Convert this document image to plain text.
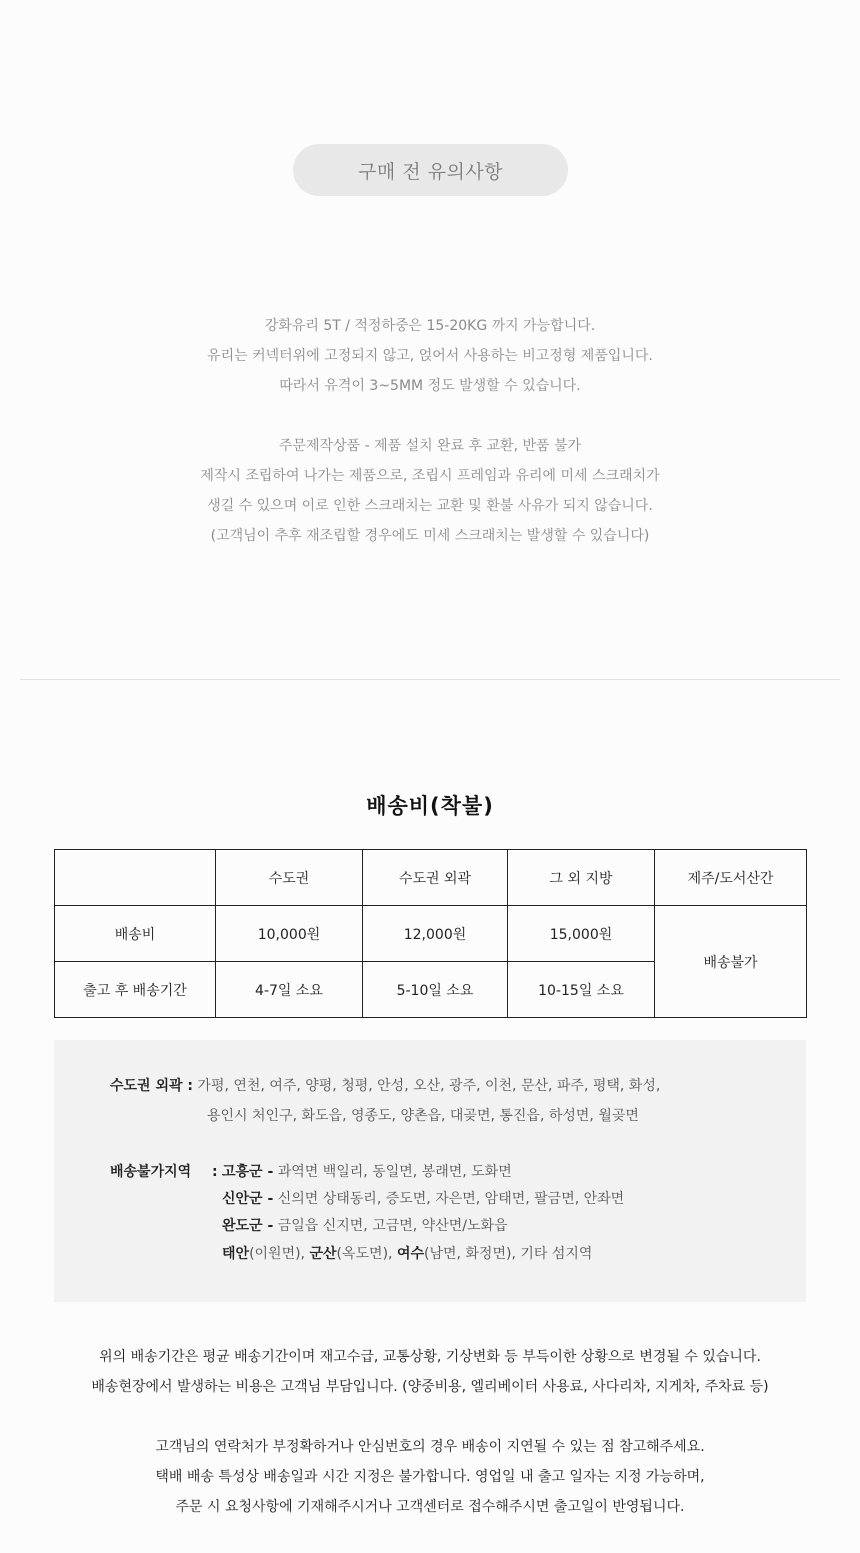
구매 전 유의사항
강화유리 5T / 적정하중은 15-20KG 까지 가능합니다.
유리는 커넥터위에 고정되지 않고, 얹어서 사용하는 비고정형 제품입니다.
따라서 유격이 3~5MM 정도 발생할 수 있습니다.
주문제작상품 - 제품 설치 완료 후 교환, 반품 불가
제작시 조립하여 나가는 제품으로, 조립시 프레임과 유리에 미세 스크래치가
생길 수 있으며 이로 인한 스크래치는 교환 및 환불 사유가 되지 않습니다.
(고객님이 추후 재조립할 경우에도 미세 스크래치는 발생할 수 있습니다)
배송비(착불)
	수도권	수도권 외곽	그 외 지방	제주/도서산간
배송비	10,000원	12,000원	15,000원	배송불가
출고 후 배송기간	4-7일 소요	5-10일 소요	10-15일 소요	
수도권 외곽 : 가평, 연천, 여주, 양평, 청평, 안성, 오산, 광주, 이천, 문산, 파주, 평택, 화성,
용인시 처인구, 화도읍, 영종도, 양촌읍, 대곶면, 통진읍, 하성면, 월곶면
배송불가지역 : 고흥군 - 과역면 백일리, 동일면, 봉래면, 도화면
신안군 - 신의면 상태동리, 증도면, 자은면, 암태면, 팔금면, 안좌면
완도군 - 금일읍 신지면, 고금면, 약산면/노화읍
태안(이원면), 군산(옥도면), 여수(남면, 화정면), 기타 섬지역
위의 배송기간은 평균 배송기간이며 재고수급, 교통상황, 기상변화 등 부득이한 상황으로 변경될 수 있습니다.
배송현장에서 발생하는 비용은 고객님 부담입니다. (양중비용, 엘리베이터 사용료, 사다리차, 지게차, 주차료 등)
고객님의 연락처가 부정확하거나 안심번호의 경우 배송이 지연될 수 있는 점 참고해주세요.
택배 배송 특성상 배송일과 시간 지정은 불가합니다. 영업일 내 출고 일자는 지정 가능하며,
주문 시 요청사항에 기재해주시거나 고객센터로 접수해주시면 출고일이 반영됩니다.
